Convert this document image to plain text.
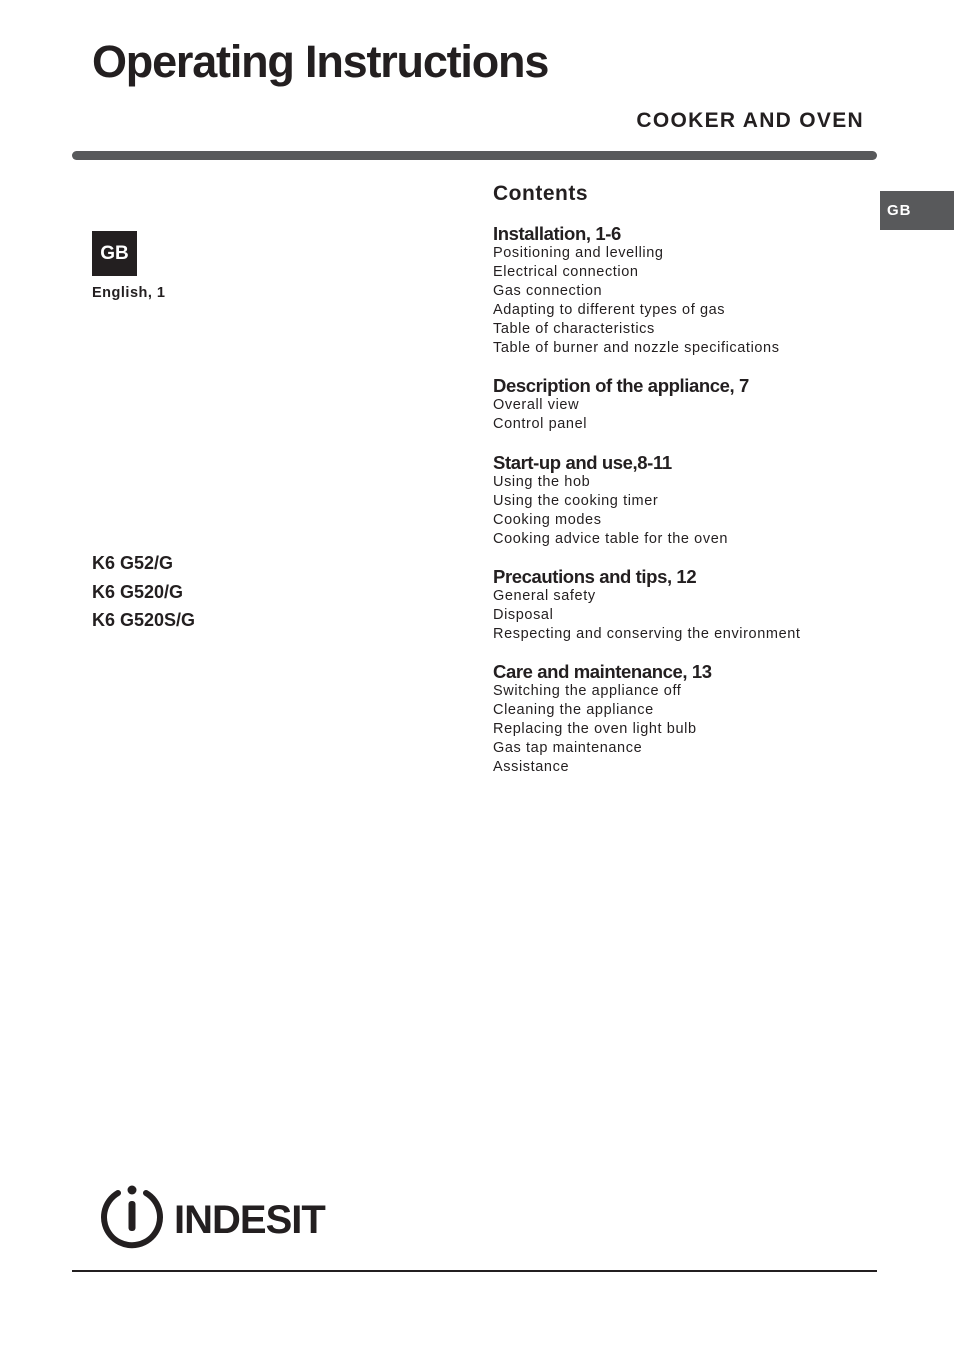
Operating Instructions
COOKER AND OVEN
GB
English, 1
GB
K6 G52/G
K6 G520/G
K6 G520S/G
Contents
Installation, 1-6
Positioning and levelling
Electrical connection
Gas connection
Adapting to different types of gas
Table of characteristics
Table of burner and nozzle specifications
Description of the appliance, 7
Overall view
Control panel
Start-up and use,8-11
Using the hob
Using the cooking timer
Cooking modes
Cooking advice table for the oven
Precautions and tips, 12
General safety
Disposal
Respecting and conserving the environment
Care and maintenance, 13
Switching the appliance off
Cleaning the appliance
Replacing the oven light bulb
Gas tap maintenance
Assistance
INDESIT
